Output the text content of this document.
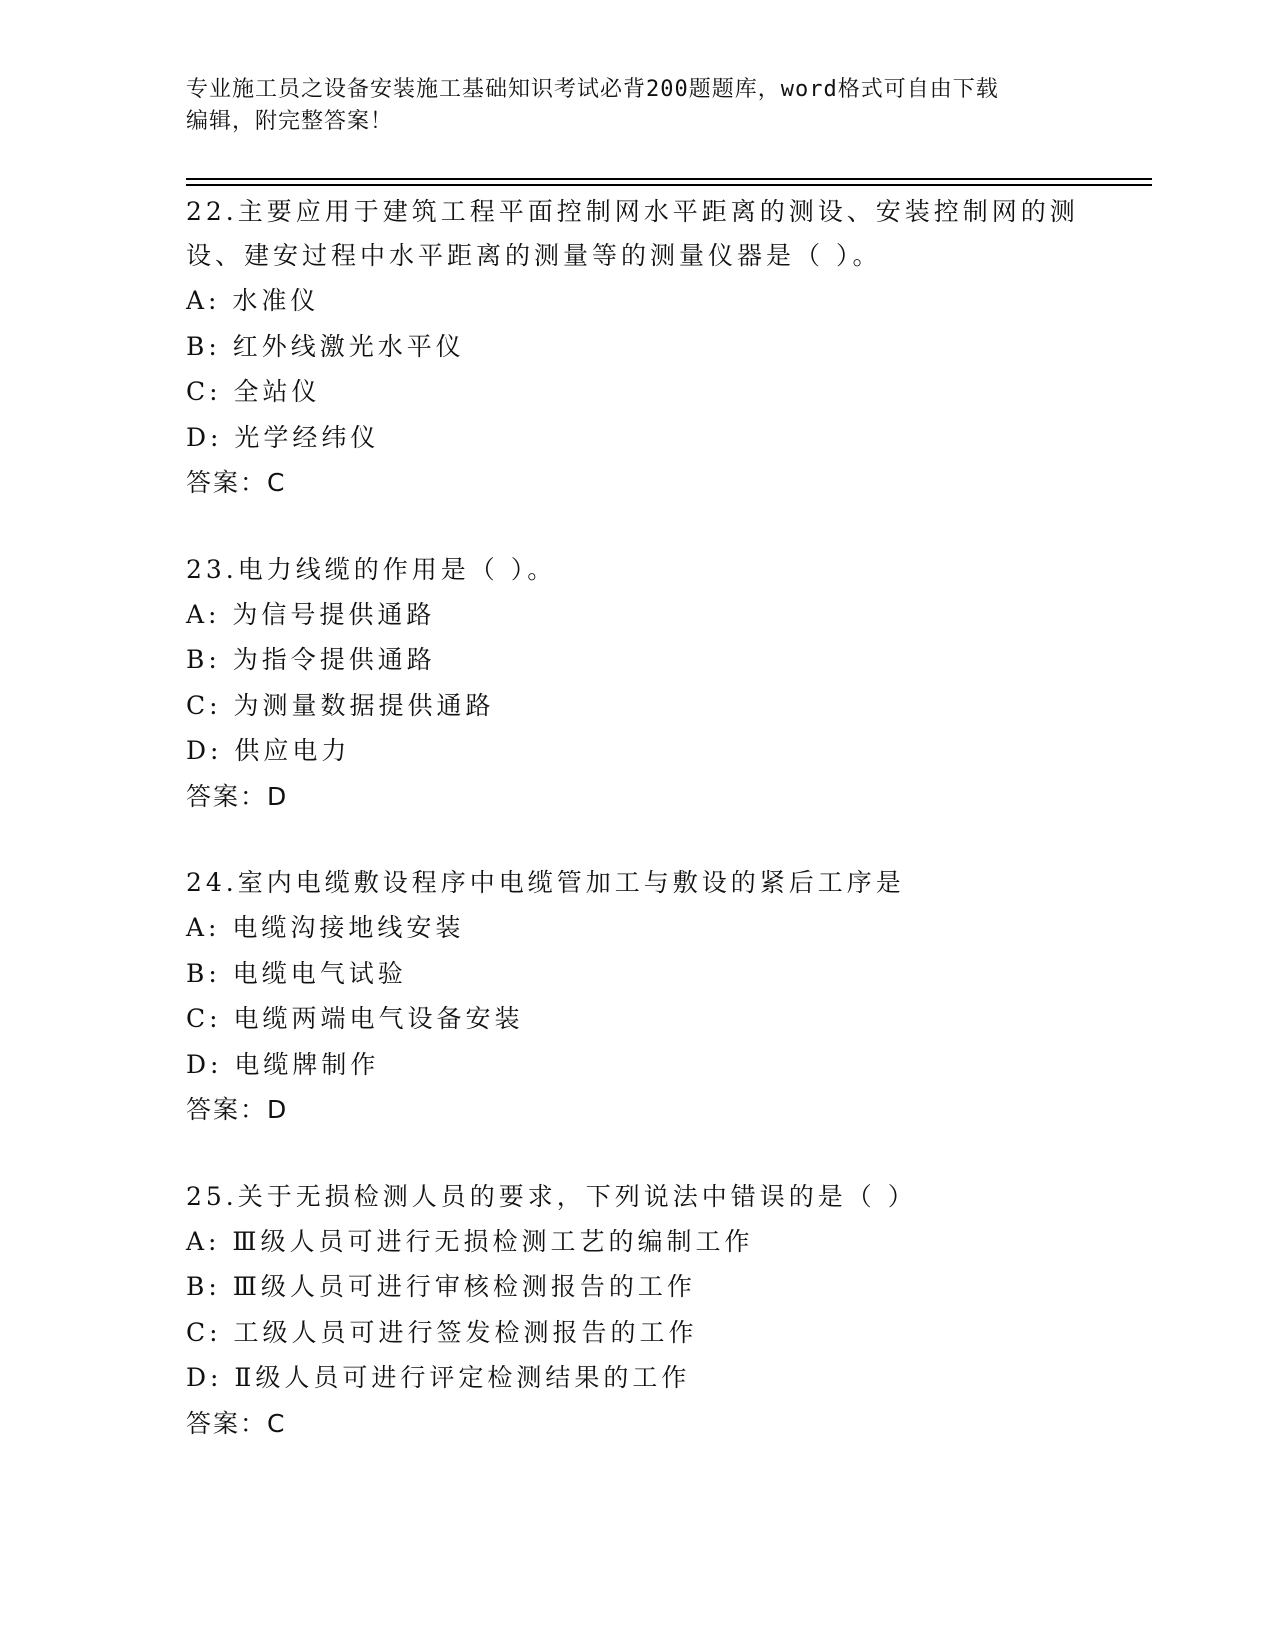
专业施工员之设备安装施工基础知识考试必背200题题库，word格式可自由下载
编辑，附完整答案！

22.主要应用于建筑工程平面控制网水平距离的测设、安装控制网的测

设、建安过程中水平距离的测量等的测量仪器是（ ）。

A: 水准仪

B: 红外线激光水平仪

C: 全站仪

D: 光学经纬仪

答案：C

23.电力线缆的作用是（ ）。

A: 为信号提供通路

B: 为指令提供通路

C: 为测量数据提供通路

D: 供应电力

答案：D

24.室内电缆敷设程序中电缆管加工与敷设的紧后工序是

A: 电缆沟接地线安装

B: 电缆电气试验

C: 电缆两端电气设备安装

D: 电缆牌制作

答案：D

25.关于无损检测人员的要求，下列说法中错误的是（ ）

A: Ⅲ级人员可进行无损检测工艺的编制工作

B: Ⅲ级人员可进行审核检测报告的工作

C: 工级人员可进行签发检测报告的工作

D: Ⅱ级人员可进行评定检测结果的工作

答案：C
